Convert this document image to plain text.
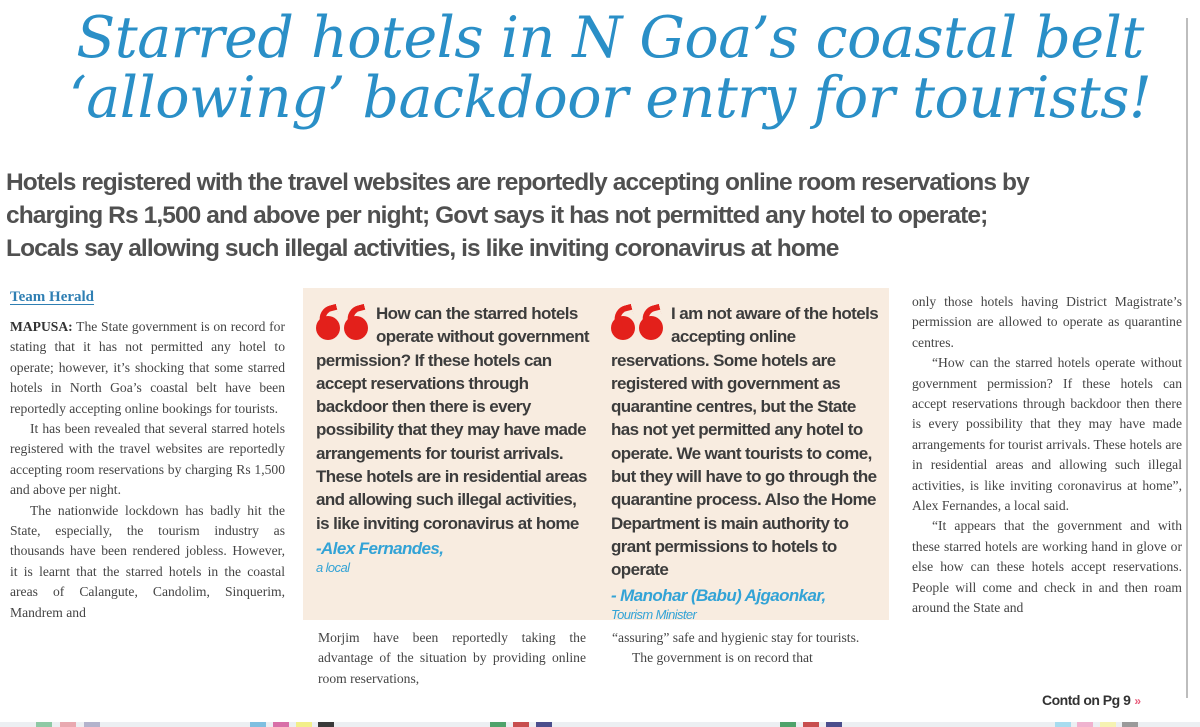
Starred hotels in N Goa’s coastal belt
‘allowing’ backdoor entry for tourists!
Hotels registered with the travel websites are reportedly accepting online room reservations by
charging Rs 1,500 and above per night; Govt says it has not permitted any hotel to operate;
Locals say allowing such illegal activities, is like inviting coronavirus at home
Team Herald

MAPUSA: The State government is on record for stating that it has not permitted any hotel to operate; however, it’s shocking that some starred hotels in North Goa’s coastal belt have been reportedly accepting online bookings for tourists.

It has been revealed that several starred hotels registered with the travel websites are reportedly accepting room reservations by charging Rs 1,500 and above per night.

The nationwide lockdown has badly hit the State, especially, the tourism industry as thousands have been rendered jobless. However, it is learnt that the starred hotels in the coastal areas of Calangute, Candolim, Sinquerim, Mandrem and

How can the starred hotels operate without government permission? If these hotels can accept reservations through backdoor then there is every possibility that they may have made arrangements for tourist arrivals. These hotels are in residential areas and allowing such illegal activities, is like inviting coronavirus at home
-Alex Fernandes,
a local
I am not aware of the hotels accepting online reservations. Some hotels are registered with government as quarantine centres, but the State has not yet permitted any hotel to operate. We want tourists to come, but they will have to go through the quarantine process. Also the Home Department is main authority to grant permissions to hotels to operate
- Manohar (Babu) Ajgaonkar,
Tourism Minister

Morjim have been reportedly taking the advantage of the situation by providing online room reservations,

“assuring” safe and hygienic stay for tourists.

The government is on record that

only those hotels having District Magistrate’s permission are allowed to operate as quarantine centres.

“How can the starred hotels operate without government permission? If these hotels can accept reservations through backdoor then there is every possibility that they may have made arrangements for tourist arrivals. These hotels are in residential areas and allowing such illegal activities, is like inviting coronavirus at home”, Alex Fernandes, a local said.

“It appears that the government and with these starred hotels are working hand in glove or else how can these hotels accept reservations. People will come and check in and then roam around the State and

Contd on Pg 9 »
